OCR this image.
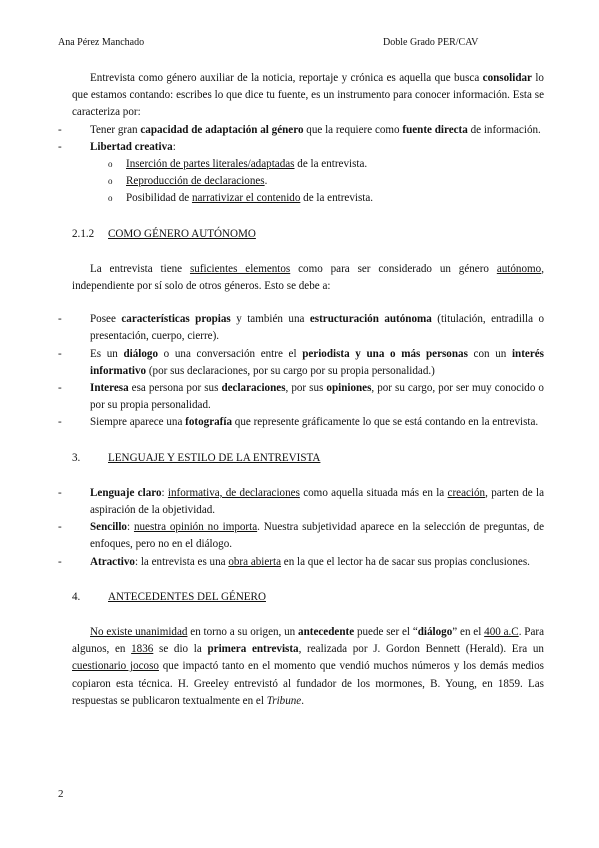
Ana Pérez Manchado	Doble Grado PER/CAV

Entrevista como género auxiliar de la noticia, reportaje y crónica es aquella que busca consolidar lo que estamos contando: escribes lo que dice tu fuente, es un instrumento para conocer información. Esta se caracteriza por:

-	Tener gran capacidad de adaptación al género que la requiere como fuente directa de información.
-	Libertad creativa:
o Inserción de partes literales/adaptadas de la entrevista.
o Reproducción de declaraciones.
o Posibilidad de narrativizar el contenido de la entrevista.

2.1.2 COMO GÉNERO AUTÓNOMO

La entrevista tiene suficientes elementos como para ser considerado un género autónomo, independiente por sí solo de otros géneros. Esto se debe a:

-	Posee características propias y también una estructuración autónoma (titulación, entradilla o presentación, cuerpo, cierre).
-	Es un diálogo o una conversación entre el periodista y una o más personas con un interés informativo (por sus declaraciones, por su cargo por su propia personalidad.)
-	Interesa esa persona por sus declaraciones, por sus opiniones, por su cargo, por ser muy conocido o por su propia personalidad.
-	Siempre aparece una fotografía que represente gráficamente lo que se está contando en la entrevista.

3. LENGUAJE Y ESTILO DE LA ENTREVISTA

-	Lenguaje claro: informativa, de declaraciones como aquella situada más en la creación, parten de la aspiración de la objetividad.
-	Sencillo: nuestra opinión no importa. Nuestra subjetividad aparece en la selección de preguntas, de enfoques, pero no en el diálogo.
-	Atractivo: la entrevista es una obra abierta en la que el lector ha de sacar sus propias conclusiones.

4. ANTECEDENTES DEL GÉNERO

No existe unanimidad en torno a su origen, un antecedente puede ser el “diálogo” en el 400 a.C. Para algunos, en 1836 se dio la primera entrevista, realizada por J. Gordon Bennett (Herald). Era un cuestionario jocoso que impactó tanto en el momento que vendió muchos números y los demás medios copiaron esta técnica. H. Greeley entrevistó al fundador de los mormones, B. Young, en 1859. Las respuestas se publicaron textualmente en el Tribune.

2
